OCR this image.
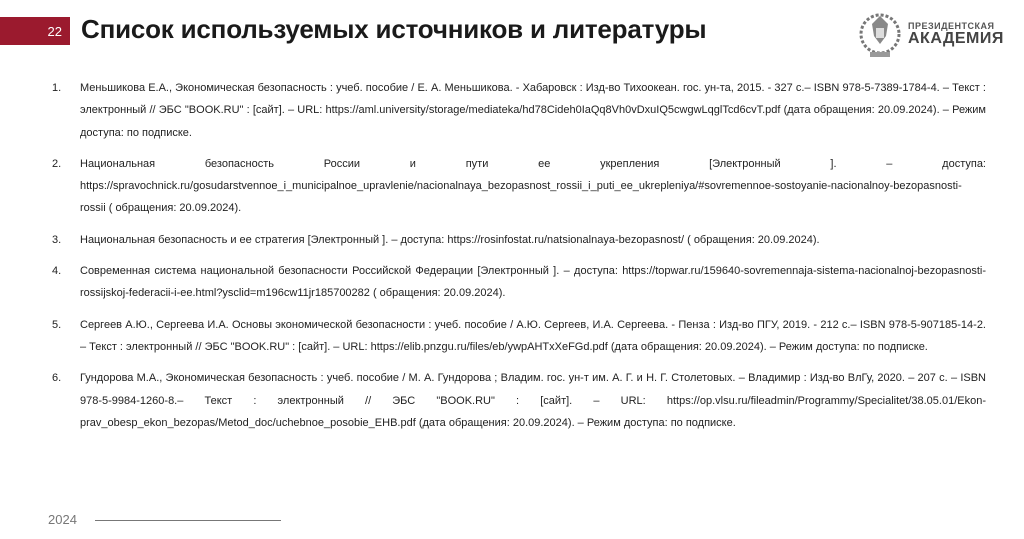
22 Список используемых источников и литературы	ПРЕЗИДЕНТСКАЯ
АКАДЕМИЯ
1.	Меньшикова Е.А., Экономическая безопасность : учеб. пособие / Е. А. Меньшикова. - Хабаровск : Изд-во Тихоокеан. гос. ун-та, 2015. - 327 с.– ISBN 978-5-7389-1784-4. – Текст : электронный // ЭБС "BOOK.RU" : [сайт]. – URL: https://aml.university/storage/mediateka/hd78Cideh0IaQq8Vh0vDxuIQ5cwgwLqglTcd6cvT.pdf (дата обращения: 20.09.2024). – Режим доступа: по подписке.
2.	Национальная безопасность России и пути ее укрепления [Электронный ]. – доступа: https://spravochnick.ru/gosudarstvennoe_i_municipalnoe_upravlenie/nacionalnaya_bezopasnost_rossii_i_puti_ee_ukrepleniya/#sovremennoe-sostoyanie-nacionalnoy-bezopasnosti-rossii ( обращения: 20.09.2024).
3.	Национальная безопасность и ее стратегия [Электронный ]. – доступа: https://rosinfostat.ru/natsionalnaya-bezopasnost/ ( обращения: 20.09.2024).
4.	Современная система национальной безопасности Российской Федерации [Электронный ]. – доступа: https://topwar.ru/159640-sovremennaja-sistema-nacionalnoj-bezopasnosti-rossijskoj-federacii-i-ee.html?ysclid=m196cw11jr185700282 ( обращения: 20.09.2024).
5.	Сергеев А.Ю., Сергеева И.А. Основы экономической безопасности : учеб. пособие / А.Ю. Сергеев, И.А. Сергеева. - Пенза : Изд-во ПГУ, 2019. - 212 с.– ISBN 978-5-907185-14-2. – Текст : электронный // ЭБС "BOOK.RU" : [сайт]. – URL: https://elib.pnzgu.ru/files/eb/ywpAHTxXeFGd.pdf (дата обращения: 20.09.2024). – Режим доступа: по подписке.
6.	Гундорова М.А., Экономическая безопасность : учеб. пособие / М. А. Гундорова ; Владим. гос. ун-т им. А. Г. и Н. Г. Столетовых. – Владимир : Изд-во ВлГу, 2020. – 207 с. – ISBN 978-5-9984-1260-8.– Текст : электронный // ЭБС "BOOK.RU" : [сайт]. – URL: https://op.vlsu.ru/fileadmin/Programmy/Specialitet/38.05.01/Ekon-prav_obesp_ekon_bezopas/Metod_doc/uchebnoe_posobie_EHB.pdf (дата обращения: 20.09.2024). – Режим доступа: по подписке.
2024
